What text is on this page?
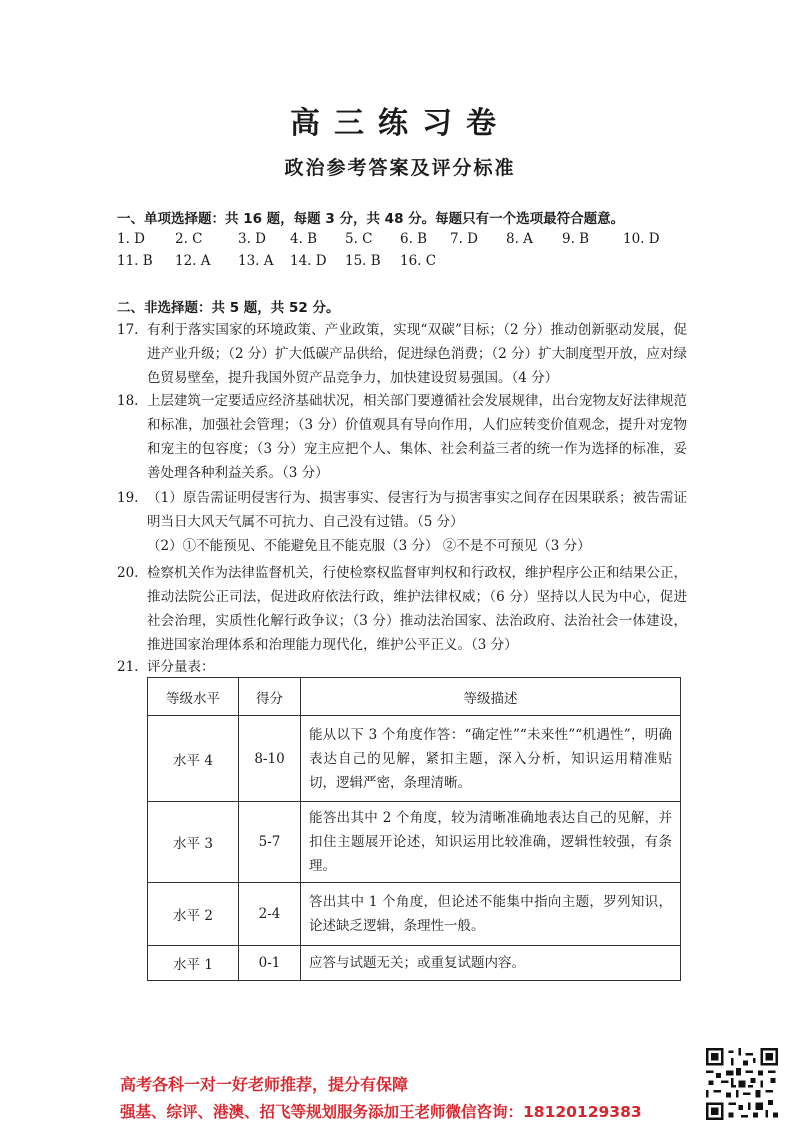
高三练习卷
政治参考答案及评分标准
一、单项选择题：共 16 题，每题 3 分，共 48 分。每题只有一个选项最符合题意。
1. D 2. C	3. D 4. B 5. C 6. B 7. D 8. A 9. B	10. D
11. B 12. A 13. A 14. D 15. B 16. C
二、非选择题：共 5 题，共 52 分。
17. 有利于落实国家的环境政策、产业政策，实现“双碳”目标；（2 分）推动创新驱动发展，促进产业升级；（2 分）扩大低碳产品供给，促进绿色消费；（2 分）扩大制度型开放，应对绿色贸易壁垒，提升我国外贸产品竞争力，加快建设贸易强国。（4 分）
18. 上层建筑一定要适应经济基础状况，相关部门要遵循社会发展规律，出台宠物友好法律规范和标准，加强社会管理；（3 分）价值观具有导向作用，人们应转变价值观念，提升对宠物和宠主的包容度；（3 分）宠主应把个人、集体、社会利益三者的统一作为选择的标准，妥善处理各种利益关系。（3 分）
19. （1）原告需证明侵害行为、损害事实、侵害行为与损害事实之间存在因果联系；被告需证明当日大风天气属不可抗力、自己没有过错。（5 分）

（2）①不能预见、不能避免且不能克服（3 分） ②不是不可预见（3 分）

20. 检察机关作为法律监督机关，行使检察权监督审判权和行政权，维护程序公正和结果公正，推动法院公正司法，促进政府依法行政，维护法律权威；（6 分）坚持以人民为中心，促进社会治理，实质性化解行政争议；（3 分）推动法治国家、法治政府、法治社会一体建设，推进国家治理体系和治理能力现代化，维护公平正义。（3 分）
21. 评分量表：
等级水平	得分	等级描述
水平 4	8-10	能从以下 3 个角度作答：“确定性”“未来性”“机遇性”，明确表达自己的见解，紧扣主题，深入分析，知识运用精准贴切，逻辑严密，条理清晰。
水平 3	5-7	能答出其中 2 个角度，较为清晰准确地表达自己的见解，并扣住主题展开论述，知识运用比较准确，逻辑性较强，有条理。
水平 2	2-4	答出其中 1 个角度，但论述不能集中指向主题，罗列知识，论述缺乏逻辑，条理性一般。
水平 1	0-1	应答与试题无关；或重复试题内容。
高考各科一对一好老师推荐，提分有保障
强基、综评、港澳、招飞等规划服务添加王老师微信咨询：18120129383
